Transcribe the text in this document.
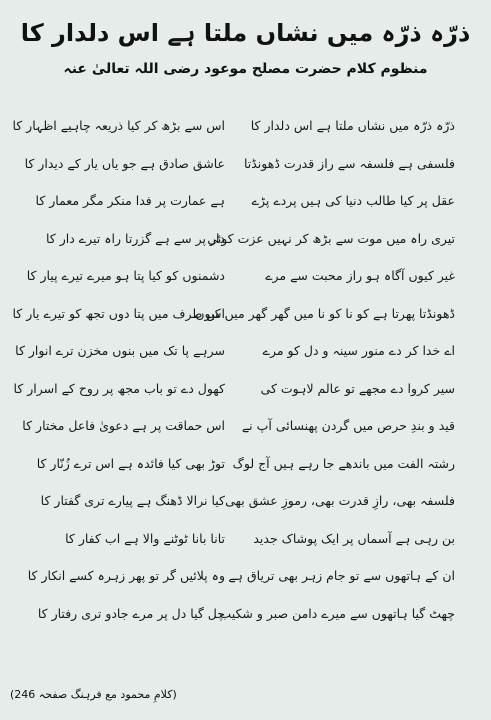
ذرّہ ذرّہ میں نشاں ملتا ہے اس دلدار کا
منظوم کلام حضرت مصلح موعود رضی اللہ تعالیٰ عنہ
ذرّہ ذرّہ میں نشاں ملتا ہے اس دلدار کا
فلسفی ہے فلسفہ سے راز قدرت ڈھونڈتا
عقل پر کیا طالب دنیا کی ہیں پردے پڑے
تیری راہ میں موت سے بڑھ کر نہیں عزت کوئی
غیر کیوں آگاہ ہو راز محبت سے مرے
ڈھونڈتا پھرتا ہے کو نا کو نا میں گھر گھر میں کیوں
اے خدا کر دے منور سینہ و دل کو مرے
سیر کروا دے مجھے تو عالم لاہوت کی
قید و بندِ حرص میں گردن پھنسائی آپ نے
رشتہ الفت میں باندھے جا رہے ہیں آج لوگ
فلسفہ بھی، رازِ قدرت بھی، رموزِ عشق بھی
بن رہی ہے آسماں پر ایک پوشاک جدید
ان کے ہاتھوں سے تو جام زہر بھی تریاق ہے
چھٹ گیا ہاتھوں سے میرے دامن صبر و شکیب
اس سے بڑھ کر کیا ذریعہ چاہیے اظہار کا
عاشق صادق ہے جو یاں یار کے دیدار کا
ہے عمارت پر فدا منکر مگر معمار کا
دار پر سے ہے گزرتا راہ تیرے دار کا
دشمنوں کو کیا پتا ہو میرے تیرے پیار کا
اس طرف میں پتا دوں تجھ کو تیرے یار کا
سرہے پا تک میں بنوں مخزن ترے انوار کا
کھول دے تو باب مجھ پر روح کے اسرار کا
اس حماقت پر ہے دعویٰ فاعل مختار کا
توڑ بھی کیا فائدہ ہے اس ترے زُنّار کا
کیا نرالا ڈھنگ ہے پیارے تری گفتار کا
تانا بانا ٹوٹنے والا ہے اب کفار کا
وہ پلائیں گر تو پھر زہرہ کسے انکار کا
چل گیا دل پر مرے جادو تری رفتار کا
(کلامِ محمود مع فرہنگ صفحہ 246)
